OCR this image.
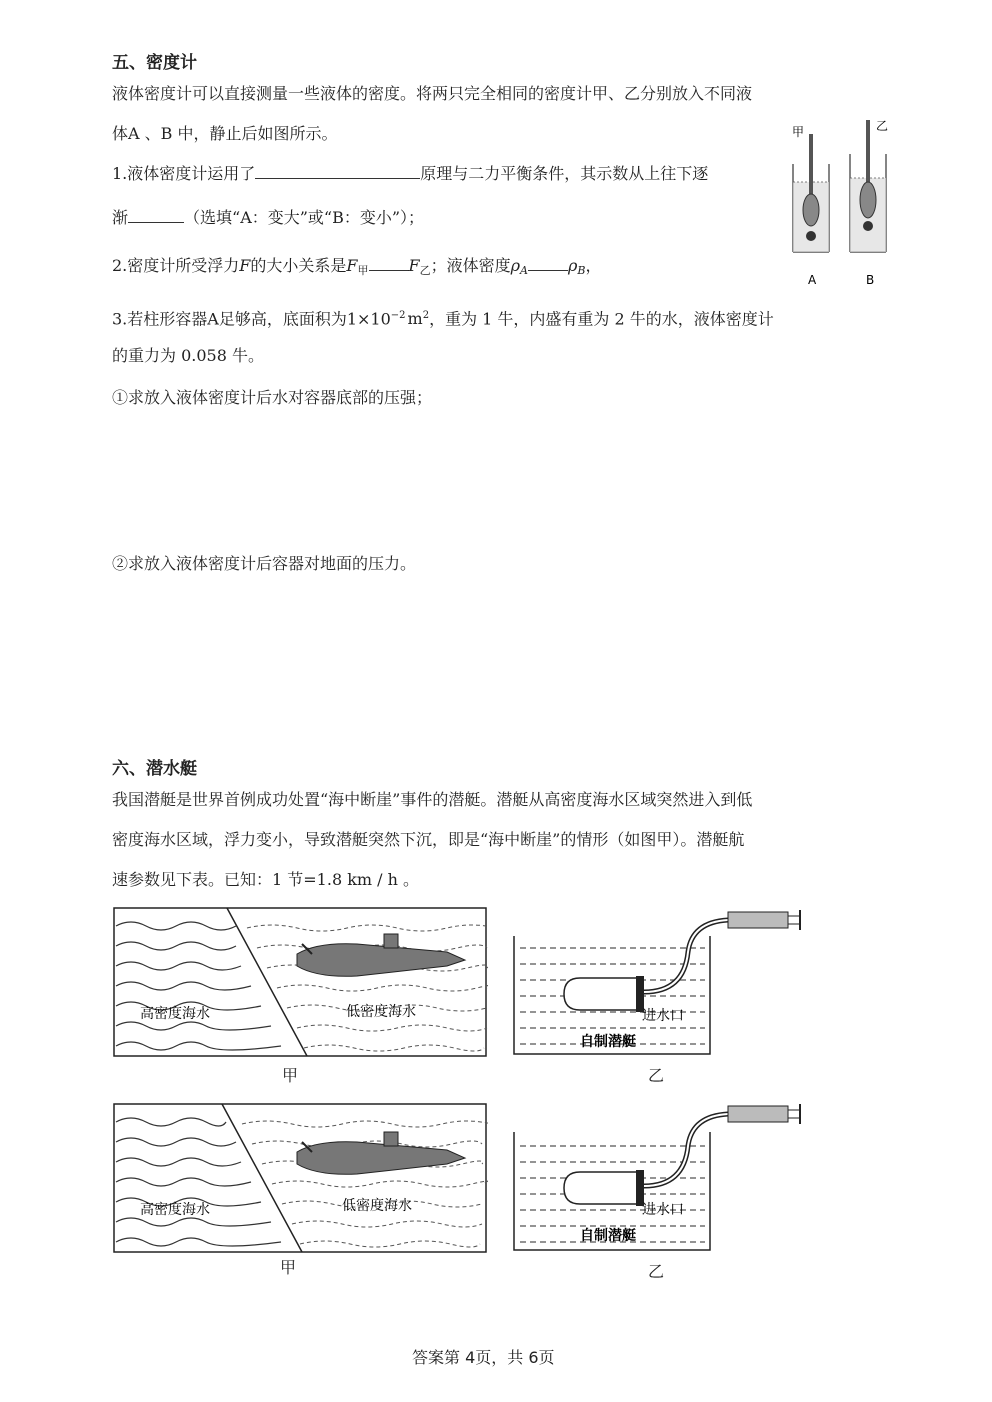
五、密度计
液体密度计可以直接测量一些液体的密度。将两只完全相同的密度计甲、乙分别放入不同液
体A 、B 中，静止后如图所示。
1.液体密度计运用了	原理与二力平衡条件，其示数从上往下逐
渐	（选填“A：变大”或“B：变小”）；
2.密度计所受浮力F的大小关系是$F_甲$	$F_乙$；液体密度$\rho_A$	$\rho_B$，
3.若柱形容器A足够高，底面积为$1\times 10^{-2}$ $m^2$，重为 1 牛，内盛有重为 2 牛的水，液体密度计
的重力为 0.058 牛。
①求放入液体密度计后水对容器底部的压强；
②求放入液体密度计后容器对地面的压力。
甲	乙
A	B
六、潜水艇
我国潜艇是世界首例成功处置“海中断崖”事件的潜艇。潜艇从高密度海水区域突然进入到低
密度海水区域，浮力变小，导致潜艇突然下沉，即是“海中断崖”的情形（如图甲）。潜艇航
速参数见下表。已知：1 节=1.8 km / h 。
高密度海水	低密度海水
甲
进水口
自制潜艇
乙
高密度海水	低密度海水
甲
进水口
自制潜艇
乙
答案第 4页，共 6页
